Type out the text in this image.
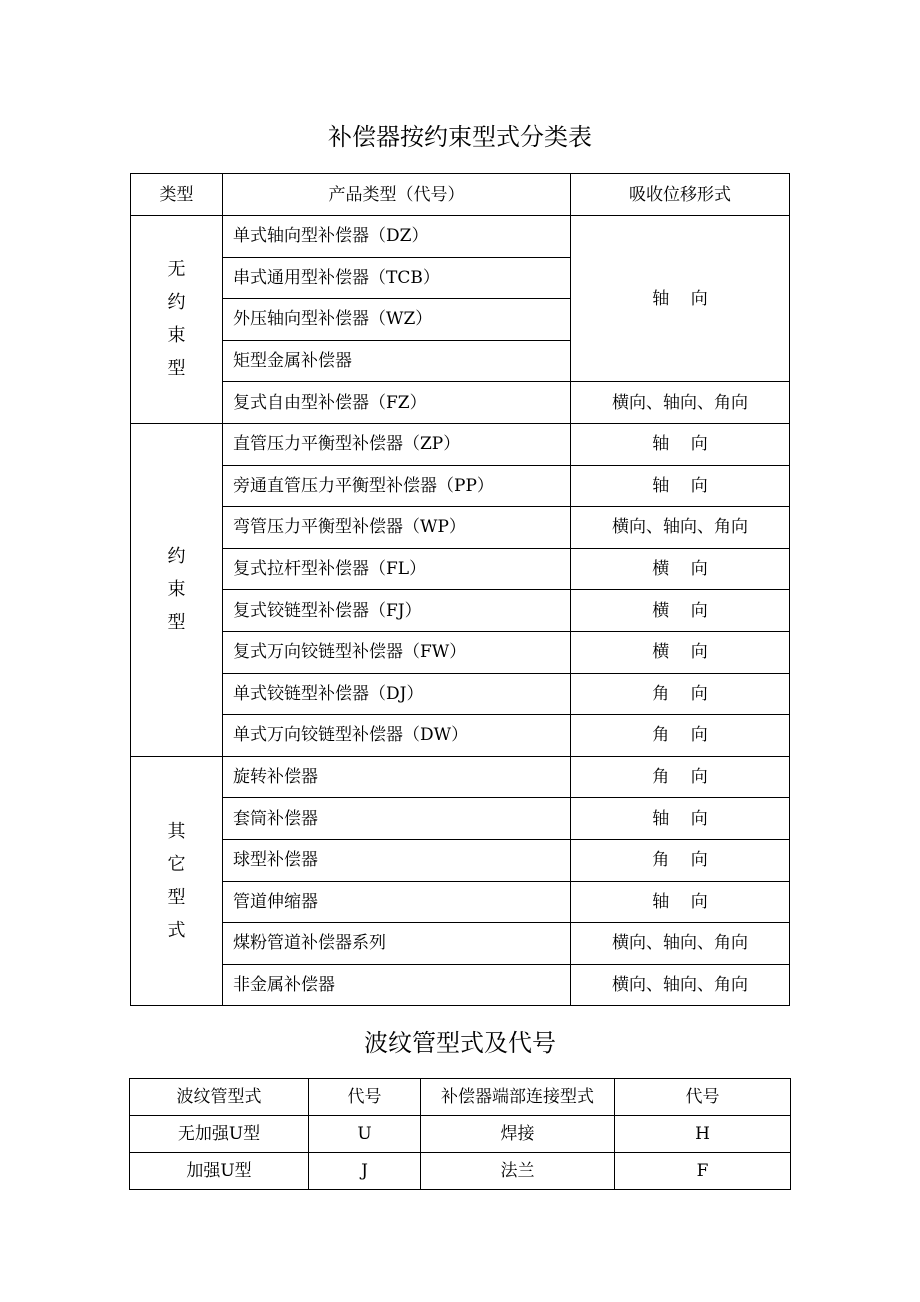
补偿器按约束型式分类表
类型	产品类型（代号）	吸收位移形式

无
约
束
型	单式轴向型补偿器（DZ）	轴    向
	串式通用型补偿器（TCB）	
	外压轴向型补偿器（WZ）	
	矩型金属补偿器	
	复式自由型补偿器（FZ）	横向、轴向、角向

约
束
型	直管压力平衡型补偿器（ZP）	轴    向
	旁通直管压力平衡型补偿器（PP）	轴    向
	弯管压力平衡型补偿器（WP）	横向、轴向、角向
	复式拉杆型补偿器（FL）	横    向
	复式铰链型补偿器（FJ）	横    向
	复式万向铰链型补偿器（FW）	横    向
	单式铰链型补偿器（DJ）	角    向
	单式万向铰链型补偿器（DW）	角    向

其
它
型
式	旋转补偿器	角    向
	套筒补偿器	轴    向
	球型补偿器	角    向
	管道伸缩器	轴    向
	煤粉管道补偿器系列	横向、轴向、角向
	非金属补偿器	横向、轴向、角向
波纹管型式及代号
波纹管型式	代号	补偿器端部连接型式	代号
无加强U型	U	焊接	H
加强U型	J	法兰	F
